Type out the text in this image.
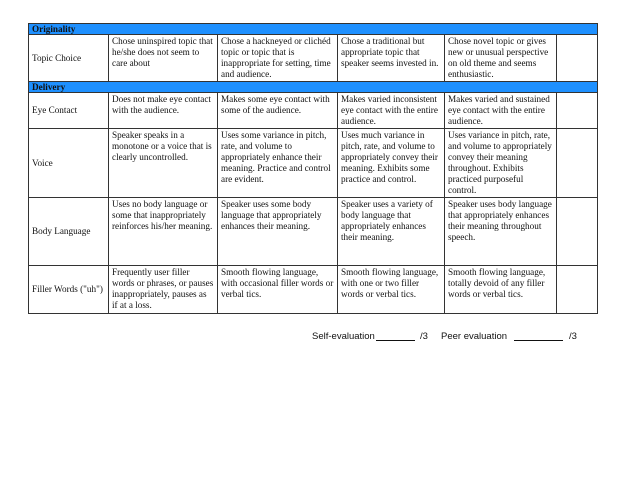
Originality					
Topic Choice	Chose uninspired topic that he/she does not seem to care about	Chose a hackneyed or clichéd topic or topic that is inappropriate for setting, time and audience.	Chose a traditional but appropriate topic that speaker seems invested in.	Chose novel topic or gives new or unusual perspective on old theme and seems enthusiastic.	
Delivery					
Eye Contact	Does not make eye contact with the audience.	Makes some eye contact with some of the audience.	Makes varied inconsistent eye contact with the entire audience.	Makes varied and sustained eye contact with the entire audience.	
Voice	Speaker speaks in a monotone or a voice that is clearly uncontrolled.	Uses some variance in pitch, rate, and volume to appropriately enhance their meaning. Practice and control are evident.	Uses much variance in pitch, rate, and volume to appropriately convey their meaning. Exhibits some practice and control.	Uses variance in pitch, rate, and volume to appropriately convey their meaning throughout. Exhibits practiced purposeful control.	
Body Language	Uses no body language or some that inappropriately reinforces his/her meaning.	Speaker uses some body language that appropriately enhances their meaning.	Speaker uses a variety of body language that appropriately enhances their meaning.	Speaker uses body language that appropriately enhances their meaning throughout speech.	
Filler Words ("uh")	Frequently user filler words or phrases, or pauses inappropriately, pauses as if at a loss.	Smooth flowing language, with occasional filler words or verbal tics.	Smooth flowing language, with one or two filler words or verbal tics.	Smooth flowing language, totally devoid of any filler words or verbal tics.	
Self-evaluation	/3 Peer evaluation	/3
